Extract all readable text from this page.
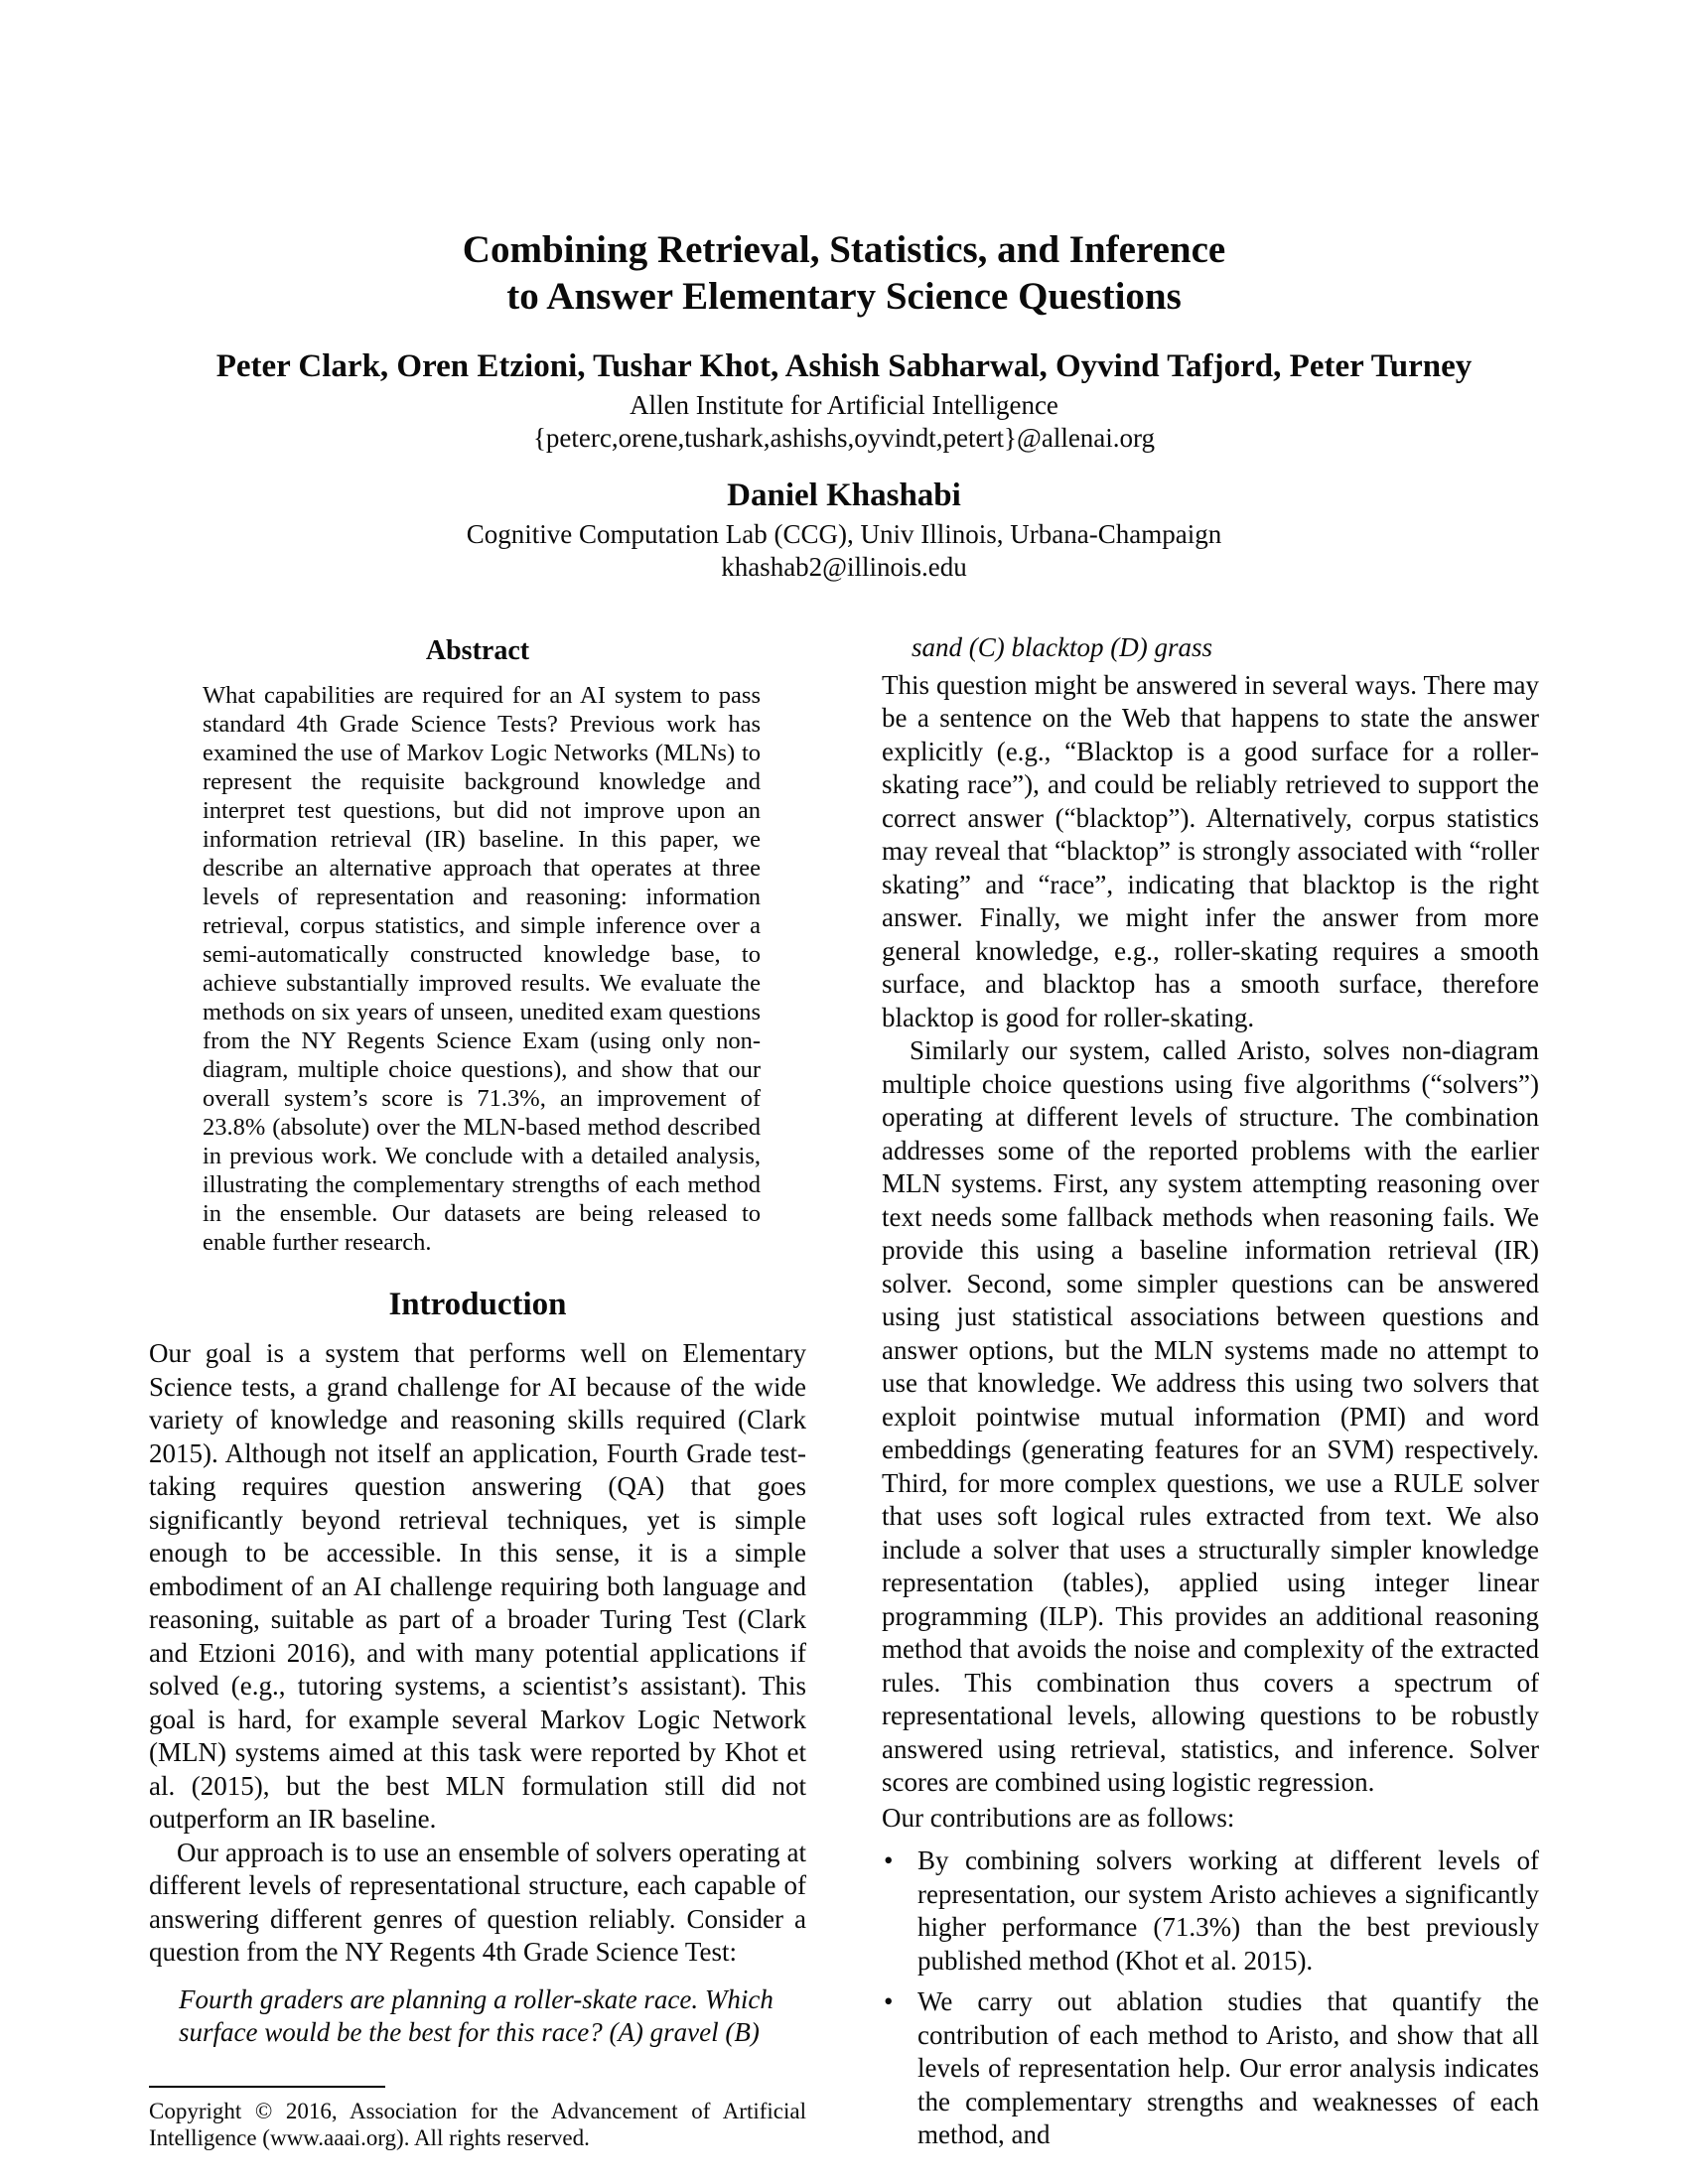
Combining Retrieval, Statistics, and Inference
to Answer Elementary Science Questions
Peter Clark, Oren Etzioni, Tushar Khot, Ashish Sabharwal, Oyvind Tafjord, Peter Turney
Allen Institute for Artificial Intelligence
{peterc,orene,tushark,ashishs,oyvindt,petert}@allenai.org
Daniel Khashabi
Cognitive Computation Lab (CCG), Univ Illinois, Urbana-Champaign
khashab2@illinois.edu
Abstract

What capabilities are required for an AI system to pass standard 4th Grade Science Tests? Previous work has examined the use of Markov Logic Networks (MLNs) to represent the requisite background knowledge and interpret test questions, but did not improve upon an information retrieval (IR) baseline. In this paper, we describe an alternative approach that operates at three levels of representation and reasoning: information retrieval, corpus statistics, and simple inference over a semi-automatically constructed knowledge base, to achieve substantially improved results. We evaluate the methods on six years of unseen, unedited exam questions from the NY Regents Science Exam (using only non-diagram, multiple choice questions), and show that our overall system’s score is 71.3%, an improvement of 23.8% (absolute) over the MLN-based method described in previous work. We conclude with a detailed analysis, illustrating the complementary strengths of each method in the ensemble. Our datasets are being released to enable further research.

Introduction

Our goal is a system that performs well on Elementary Science tests, a grand challenge for AI because of the wide variety of knowledge and reasoning skills required (Clark 2015). Although not itself an application, Fourth Grade test-taking requires question answering (QA) that goes significantly beyond retrieval techniques, yet is simple enough to be accessible. In this sense, it is a simple embodiment of an AI challenge requiring both language and reasoning, suitable as part of a broader Turing Test (Clark and Etzioni 2016), and with many potential applications if solved (e.g., tutoring systems, a scientist’s assistant). This goal is hard, for example several Markov Logic Network (MLN) systems aimed at this task were reported by Khot et al. (2015), but the best MLN formulation still did not outperform an IR baseline.

Our approach is to use an ensemble of solvers operating at different levels of representational structure, each capable of answering different genres of question reliably. Consider a question from the NY Regents 4th Grade Science Test:

Fourth graders are planning a roller-skate race. Which surface would be the best for this race? (A) gravel (B)

Copyright © 2016, Association for the Advancement of Artificial Intelligence (www.aaai.org). All rights reserved.

sand (C) blacktop (D) grass

This question might be answered in several ways. There may be a sentence on the Web that happens to state the answer explicitly (e.g., “Blacktop is a good surface for a roller-skating race”), and could be reliably retrieved to support the correct answer (“blacktop”). Alternatively, corpus statistics may reveal that “blacktop” is strongly associated with “roller skating” and “race”, indicating that blacktop is the right answer. Finally, we might infer the answer from more general knowledge, e.g., roller-skating requires a smooth surface, and blacktop has a smooth surface, therefore blacktop is good for roller-skating.

Similarly our system, called Aristo, solves non-diagram multiple choice questions using five algorithms (“solvers”) operating at different levels of structure. The combination addresses some of the reported problems with the earlier MLN systems. First, any system attempting reasoning over text needs some fallback methods when reasoning fails. We provide this using a baseline information retrieval (IR) solver. Second, some simpler questions can be answered using just statistical associations between questions and answer options, but the MLN systems made no attempt to use that knowledge. We address this using two solvers that exploit pointwise mutual information (PMI) and word embeddings (generating features for an SVM) respectively. Third, for more complex questions, we use a RULE solver that uses soft logical rules extracted from text. We also include a solver that uses a structurally simpler knowledge representation (tables), applied using integer linear programming (ILP). This provides an additional reasoning method that avoids the noise and complexity of the extracted rules. This combination thus covers a spectrum of representational levels, allowing questions to be robustly answered using retrieval, statistics, and inference. Solver scores are combined using logistic regression.

Our contributions are as follows:

• By combining solvers working at different levels of representation, our system Aristo achieves a significantly higher performance (71.3%) than the best previously published method (Khot et al. 2015).
• We carry out ablation studies that quantify the contribution of each method to Aristo, and show that all levels of representation help. Our error analysis indicates the complementary strengths and weaknesses of each method, and
